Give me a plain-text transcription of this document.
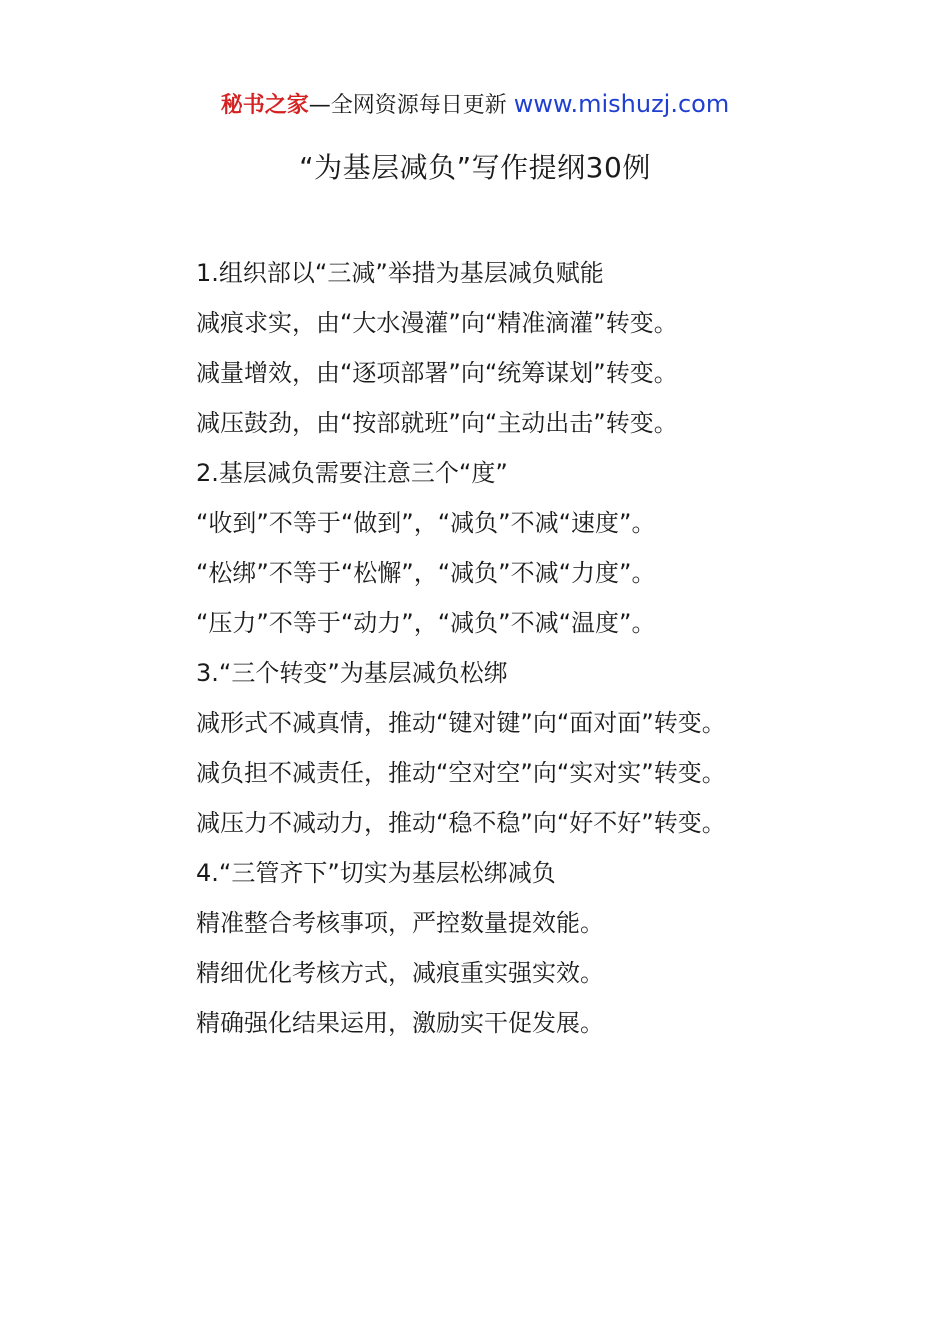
秘书之家—全网资源每日更新 www.mishuzj.com
“为基层减负”写作提纲30例
1.组织部以“三减”举措为基层减负赋能
减痕求实，由“大水漫灌”向“精准滴灌”转变。
减量增效，由“逐项部署”向“统筹谋划”转变。
减压鼓劲，由“按部就班”向“主动出击”转变。
2.基层减负需要注意三个“度”
“收到”不等于“做到”，“减负”不减“速度”。
“松绑”不等于“松懈”，“减负”不减“力度”。
“压力”不等于“动力”，“减负”不减“温度”。
3.“三个转变”为基层减负松绑
减形式不减真情，推动“键对键”向“面对面”转变。
减负担不减责任，推动“空对空”向“实对实”转变。
减压力不减动力，推动“稳不稳”向“好不好”转变。
4.“三管齐下”切实为基层松绑减负
精准整合考核事项，严控数量提效能。
精细优化考核方式，减痕重实强实效。
精确强化结果运用，激励实干促发展。
